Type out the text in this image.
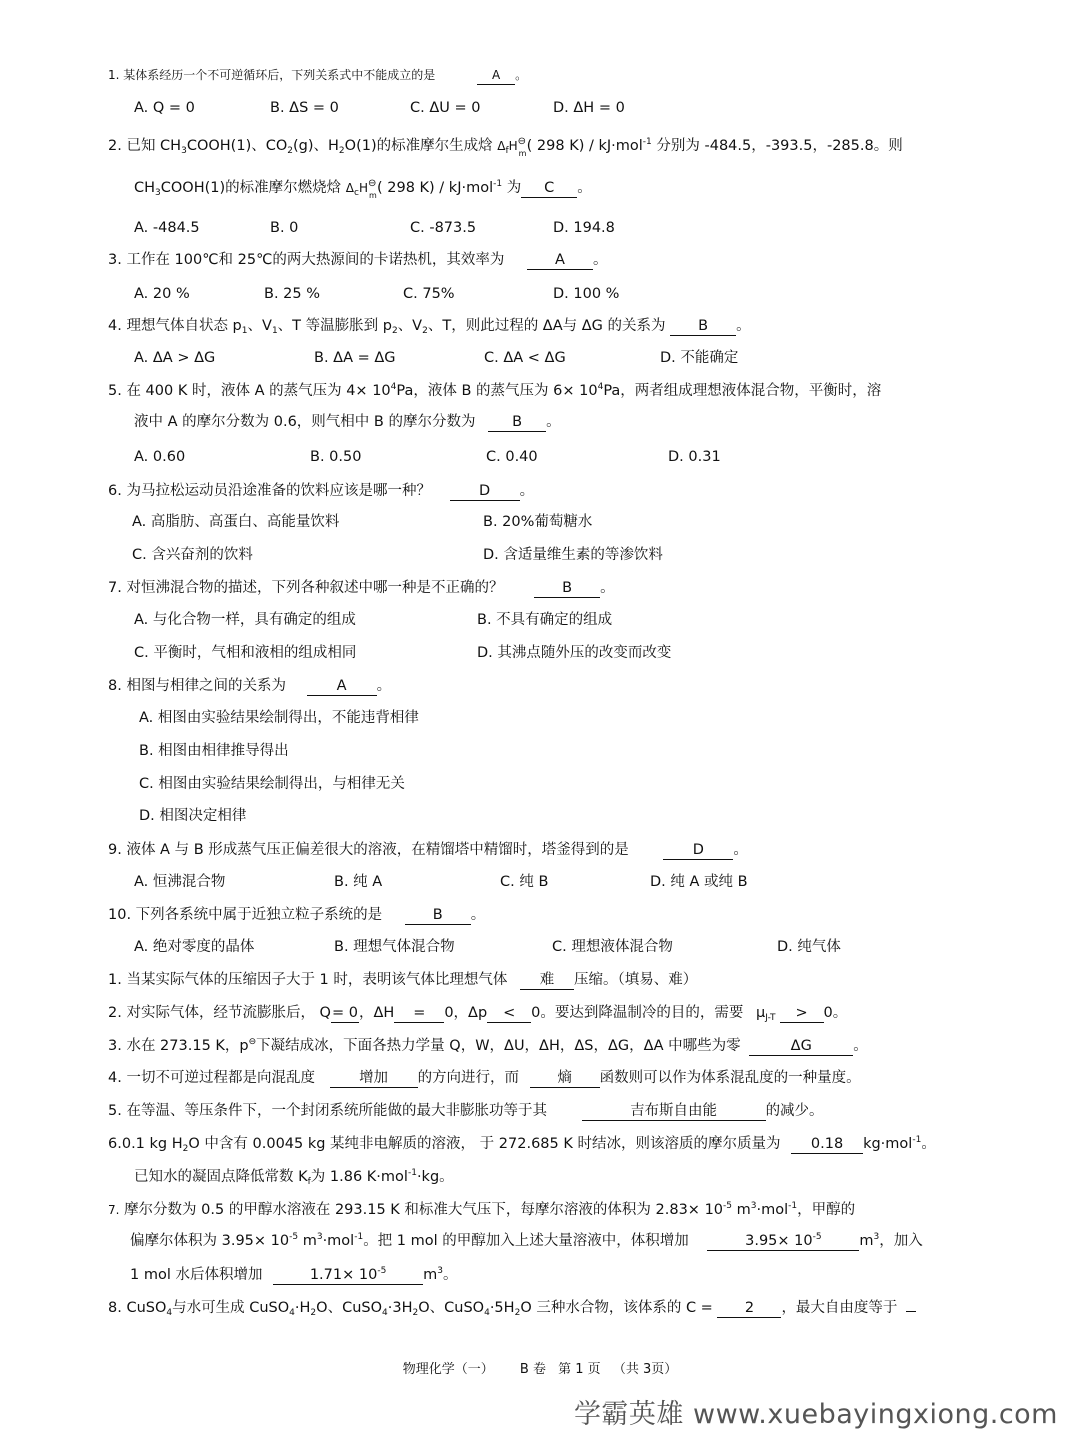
1. 某体系经历一个不可逆循环后，下列关系式中不能成立的是	A 。
A. Q = 0	B. ΔS = 0	C. ΔU = 0	D. ΔH = 0
2. 已知 $CH_3COOH(1)$、$CO_2(g)$、$H_2O(1)$的标准摩尔生成焓 $\Delta_fH$ ⊖
m ( 298 K) / kJ·mol$^{-1}$ 分别为 -484.5，-393.5，-285.8。则
$CH_3COOH(1)$的标准摩尔燃烧焓 $\Delta_cH$ ⊖
m ( 298 K) / kJ·mol$^{-1}$ 为 C 。
A. -484.5	B. 0	C. -873.5	D. 194.8
3. 工作在 100℃和 25℃的两大热源间的卡诺热机，其效率为	A 。
A. 20 %	B. 25 %	C. 75%	D. 100 %
4. 理想气体自状态 $p_1$、$V_1$、T 等温膨胀到 $p_2$、$V_2$、T，则此过程的 ΔA与 ΔG 的关系为 B 。
A. ΔA > ΔG	B. ΔA = ΔG	C. ΔA < ΔG	D. 不能确定
5. 在 400 K 时，液体 A 的蒸气压为 $4\times 10^4Pa$，液体 B 的蒸气压为 $6\times 10^4Pa$，两者组成理想液体混合物，平衡时，溶
液中 A 的摩尔分数为 0.6，则气相中 B 的摩尔分数为	B 。
A. 0.60	B. 0.50	C. 0.40	D. 0.31
6. 为马拉松运动员沿途准备的饮料应该是哪一种？	D 。
A. 高脂肪、高蛋白、高能量饮料	B. 20%葡萄糖水
C. 含兴奋剂的饮料	D. 含适量维生素的等渗饮料
7. 对恒沸混合物的描述，下列各种叙述中哪一种是不正确的？	B 。
A. 与化合物一样，具有确定的组成	B. 不具有确定的组成
C. 平衡时，气相和液相的组成相同	D. 其沸点随外压的改变而改变
8. 相图与相律之间的关系为	A 。
A. 相图由实验结果绘制得出，不能违背相律
B. 相图由相律推导得出
C. 相图由实验结果绘制得出，与相律无关
D. 相图决定相律
9. 液体 A 与 B 形成蒸气压正偏差很大的溶液，在精馏塔中精馏时，塔釜得到的是	D 。
A. 恒沸混合物	B. 纯 A	C. 纯 B	D. 纯 A 或纯 B
10. 下列各系统中属于近独立粒子系统的是	B 。
A. 绝对零度的晶体	B. 理想气体混合物	C. 理想液体混合物	D. 纯气体
1. 当某实际气体的压缩因子大于 1 时，表明该气体比理想气体 难 压缩。（填易、难）
2. 对实际气体，经节流膨胀后， Q= 0，ΔH = 0，Δp < 0。要达到降温制冷的目的，需要 $\mu_{J-T} > 0$。
3. 水在 273.15 K，p⊖下凝结成冰，下面各热力学量 Q，W，ΔU，ΔH，ΔS，ΔG，ΔA 中哪些为零	ΔG	。
4. 一切不可逆过程都是向混乱度	增加 的方向进行，而	熵 函数则可以作为体系混乱度的一种量度。
5. 在等温、等压条件下，一个封闭系统所能做的最大非膨胀功等于其	吉布斯自由能	的减少。
6.0.1 kg $H_2O$ 中含有 0.0045 kg 某纯非电解质的溶液， 于 272.685 K 时结冰，则该溶质的摩尔质量为 0.18 kg·mol$^{-1}$。
已知水的凝固点降低常数 $K_f$为 1.86 K·mol$^{-1}$·kg。
7. 摩尔分数为 0.5 的甲醇水溶液在 293.15 K 和标准大气压下，每摩尔溶液的体积为 $2.83\times 10^{-5}$ $m^3\cdot mol^{-1}$，甲醇的
偏摩尔体积为 $3.95\times 10^{-5}$ $m^3\cdot mol^{-1}$。把 1 mol 的甲醇加入上述大量溶液中，体积增加	$3.95\times 10^{-5}$	$m^3$，加入
1 mol 水后体积增加	$1.71\times 10^{-5}$	$m^3$。
8. CuSO$_4$与水可生成 $CuSO_4\cdot H_2O$、$CuSO_4\cdot 3H_2O$、$CuSO_4\cdot 5H_2O$ 三种水合物，该体系的 C = 2 ，最大自由度等于
物理化学（一） B 卷 第 1 页 （共 3页）
学霸英雄 www.xuebayingxiong.com
